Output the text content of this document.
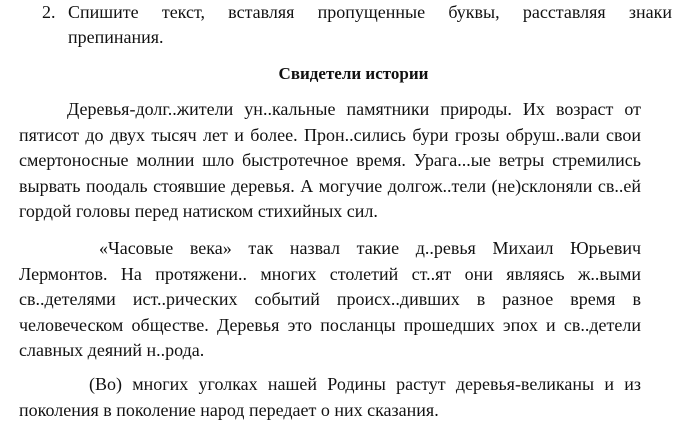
2. Спишите текст, вставляя пропущенные буквы, расставляя знаки
препинания.
Свидетели истории

Деревья-долг..жители ун..кальные памятники природы. Их возраст от пятисот до двух тысяч лет и более. Прон..сились бури грозы обруш..вали свои смертоносные молнии шло быстротечное время. Урага...ые ветры стремились вырвать поодаль стоявшие деревья. А могучие долгож..тели (не)склоняли св..ей гордой головы перед натиском стихийных сил.

«Часовые века» так назвал такие д..ревья Михаил Юрьевич Лермонтов. На протяжени.. многих столетий ст..ят они являясь ж..выми св..детелями ист..рических событий происх..дивших в разное время в человеческом обществе. Деревья это посланцы прошедших эпох и св..детели славных деяний н..рода.

(Во) многих уголках нашей Родины растут деревья-великаны и из поколения в поколение народ передает о них сказания.
